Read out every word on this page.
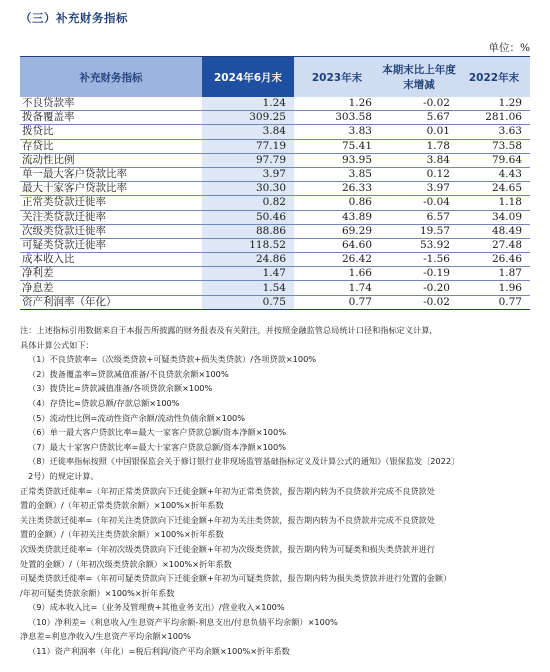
（三）补充财务指标
单位：%
补充财务指标	2024年6月末	2023年末	本期末比上年度末增减	2022年末
不良贷款率	1.24	1.26	-0.02	1.29
拨备覆盖率	309.25	303.58	5.67	281.06
拨贷比	3.84	3.83	0.01	3.63
存贷比	77.19	75.41	1.78	73.58
流动性比例	97.79	93.95	3.84	79.64
单一最大客户贷款比率	3.97	3.85	0.12	4.43
最大十家客户贷款比率	30.30	26.33	3.97	24.65
正常类贷款迁徙率	0.82	0.86	-0.04	1.18
关注类贷款迁徙率	50.46	43.89	6.57	34.09
次级类贷款迁徙率	88.86	69.29	19.57	48.49
可疑类贷款迁徙率	118.52	64.60	53.92	27.48
成本收入比	24.86	26.42	-1.56	26.46
净利差	1.47	1.66	-0.19	1.87
净息差	1.54	1.74	-0.20	1.96
资产利润率（年化）	0.75	0.77	-0.02	0.77

注：上述指标引用数据来自于本报告所披露的财务报表及有关附注，并按照金融监管总局统计口径和指标定义计算，

具体计算公式如下：

（1）不良贷款率=（次级类贷款+可疑类贷款+损失类贷款）/各项贷款×100%

（2）拨备覆盖率=贷款减值准备/不良贷款余额×100%

（3）拨贷比=贷款减值准备/各项贷款余额×100%

（4）存贷比=贷款总额/存款总额×100%

（5）流动性比例=流动性资产余额/流动性负债余额×100%

（6）单一最大客户贷款比率=最大一家客户贷款总额/资本净额×100%

（7）最大十家客户贷款比率=最大十家客户贷款总额/资本净额×100%

（8）迁徙率指标按照《中国银保监会关于修订银行业非现场监管基础指标定义及计算公式的通知》（银保监发〔2022〕

2号）的规定计算。

正常类贷款迁徙率=（年初正常类贷款向下迁徙金额+年初为正常类贷款，报告期内转为不良贷款并完成不良贷款处

置的金额）/（年初正常类贷款余额）×100%×折年系数

关注类贷款迁徙率=（年初关注类贷款向下迁徙金额+年初为关注类贷款，报告期内转为不良贷款并完成不良贷款处

置的金额）/（年初关注类贷款余额）×100%×折年系数

次级类贷款迁徙率=（年初次级类贷款向下迁徙金额+年初为次级类贷款，报告期内转为可疑类和损失类贷款并进行

处置的金额）/（年初次级类贷款余额）×100%×折年系数

可疑类贷款迁徙率=（年初可疑类贷款向下迁徙金额+年初为可疑类贷款，报告期内转为损失类贷款并进行处置的金额）

/年初可疑类贷款余额）×100%×折年系数

（9）成本收入比=（业务及管理费+其他业务支出）/营业收入×100%

（10）净利差=（利息收入/生息资产平均余额-利息支出/付息负债平均余额）×100%

净息差=利息净收入/生息资产平均余额×100%

（11）资产利润率（年化）=税后利润/资产平均余额×100%×折年系数
